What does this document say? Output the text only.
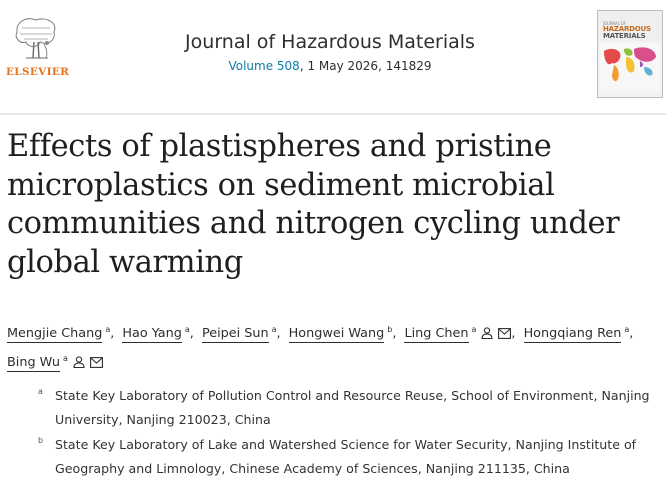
ELSEVIER
Journal of Hazardous Materials
Volume 508, 1 May 2026, 141829
JOURNAL OF
HAZARDOUS
MATERIALS
Effects of plastispheres and pristine microplastics on sediment microbial communities and nitrogen cycling under global warming
Mengjie Chang $^a$, Hao Yang $^a$, Peipei Sun $^a$, Hongwei Wang $^b$, Ling Chen $^a$	, Hongqiang Ren $^a$, Bing Wu $^a$
a State Key Laboratory of Pollution Control and Resource Reuse, School of Environment, Nanjing University, Nanjing 210023, China
b State Key Laboratory of Lake and Watershed Science for Water Security, Nanjing Institute of Geography and Limnology, Chinese Academy of Sciences, Nanjing 211135, China
